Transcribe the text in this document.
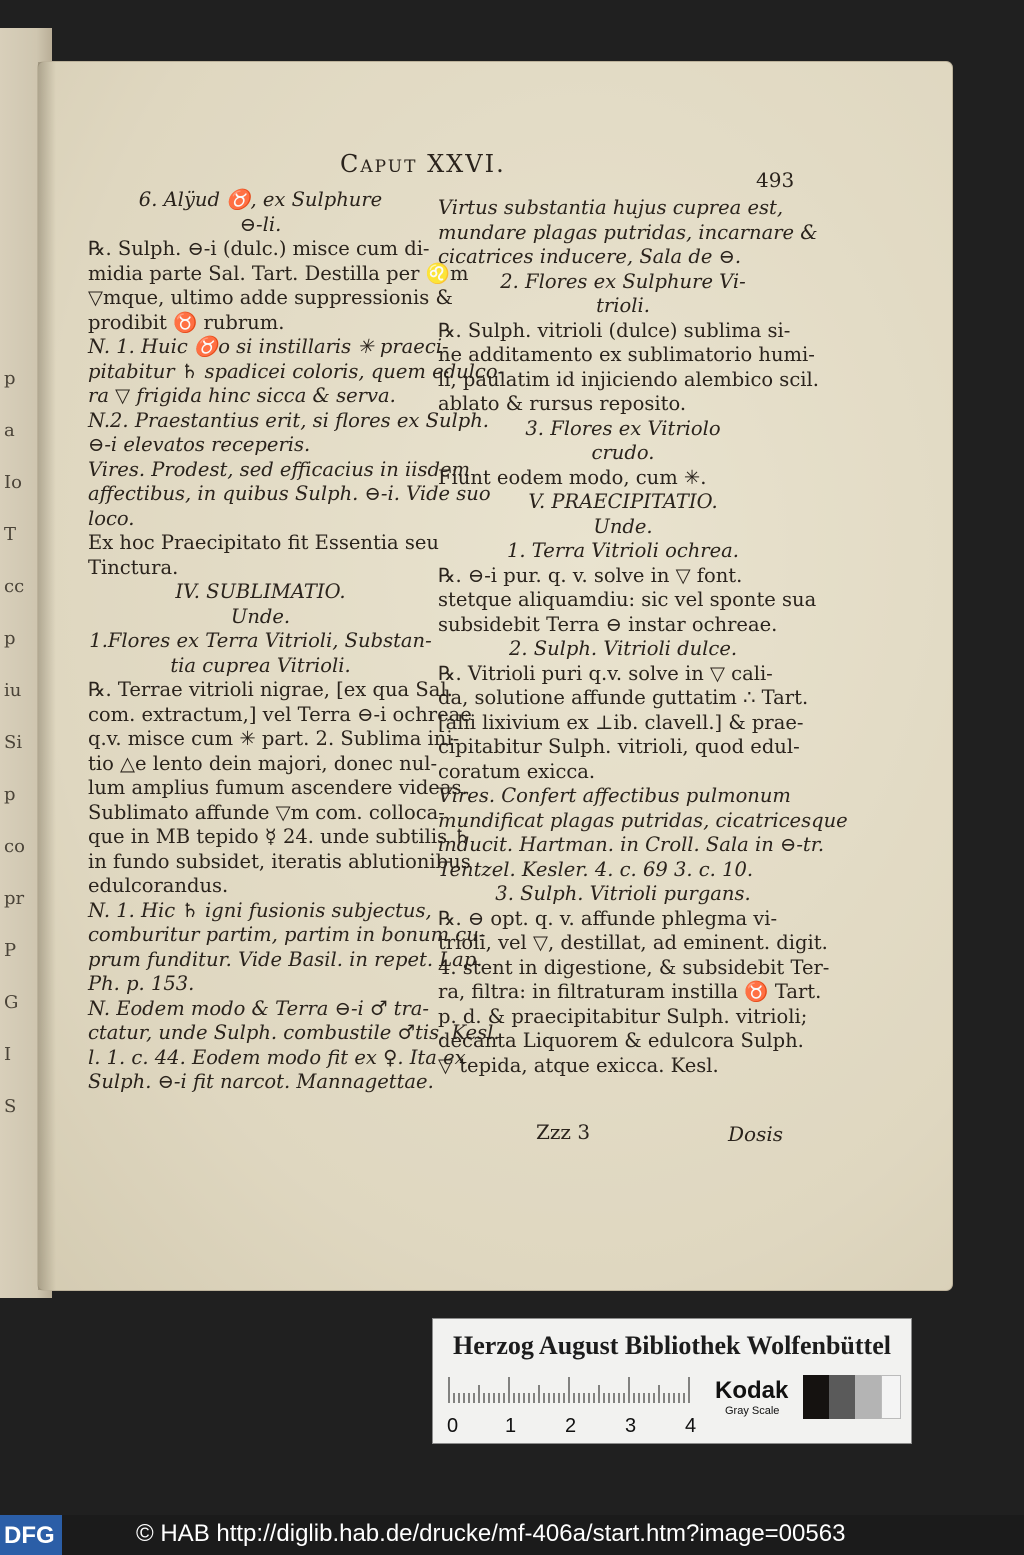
p
a
Io
T
cc
p
iu
Si
p
co
pr
P
G
I
S
Caput XXVI.
493
6. Alÿud ♉, ex Sulphure
⊖-li.
℞. Sulph. ⊖-i (dulc.) misce cum di-
midia parte Sal. Tart. Destilla per ♌m
▽mque, ultimo adde suppressionis &
prodibit ♉ rubrum.
N. 1. Huic ♉o si instillaris ✳ praeci-
pitabitur ♄ spadicei coloris, quem edulco-
ra ▽ frigida hinc sicca & serva.
N.2. Praestantius erit, si flores ex Sulph.
⊖-i elevatos receperis.
Vires. Prodest, sed efficacius in iisdem
affectibus, in quibus Sulph. ⊖-i. Vide suo
loco.
Ex hoc Praecipitato fit Essentia seu
Tinctura.
IV. SUBLIMATIO.
Unde.
1.Flores ex Terra Vitrioli, Substan-
tia cuprea Vitrioli.
℞. Terrae vitrioli nigrae, [ex qua Sal.
com. extractum,] vel Terra ⊖-i ochreae
q.v. misce cum ✳ part. 2. Sublima ini-
tio △e lento dein majori, donec nul-
lum amplius fumum ascendere videas.
Sublimato affunde ▽m com. colloca-
que in MB tepido ☿ 24. unde subtilis ♄
in fundo subsidet, iteratis ablutionibus
edulcorandus.
N. 1. Hic ♄ igni fusionis subjectus,
comburitur partim, partim in bonum cu-
prum funditur. Vide Basil. in repet. Lap.
Ph. p. 153.
N. Eodem modo & Terra ⊖-i ♂ tra-
ctatur, unde Sulph. combustile ♂tis. Kesl.
l. 1. c. 44. Eodem modo fit ex ♀. Ita ex
Sulph. ⊖-i fit narcot. Mannagettae.
Virtus substantia hujus cuprea est,
mundare plagas putridas, incarnare &
cicatrices inducere, Sala de ⊖.
2. Flores ex Sulphure Vi-
trioli.
℞. Sulph. vitrioli (dulce) sublima si-
ne additamento ex sublimatorio humi-
li, paulatim id injiciendo alembico scil.
ablato & rursus reposito.
3. Flores ex Vitriolo
crudo.
Fiunt eodem modo, cum ✳.
V. PRAECIPITATIO.
Unde.
1. Terra Vitrioli ochrea.
℞. ⊖-i pur. q. v. solve in ▽ font.
stetque aliquamdiu: sic vel sponte sua
subsidebit Terra ⊖ instar ochreae.
2. Sulph. Vitrioli dulce.
℞. Vitrioli puri q.v. solve in ▽ cali-
da, solutione affunde guttatim ∴ Tart.
[alii lixivium ex ⊥ib. clavell.] & prae-
cipitabitur Sulph. vitrioli, quod edul-
coratum exicca.
Vires. Confert affectibus pulmonum
mundificat plagas putridas, cicatricesque
inducit. Hartman. in Croll. Sala in ⊖-tr.
Tentzel. Kesler. 4. c. 69 3. c. 10.
3. Sulph. Vitrioli purgans.
℞. ⊖ opt. q. v. affunde phlegma vi-
trioli, vel ▽, destillat, ad eminent. digit.
4. stent in digestione, & subsidebit Ter-
ra, filtra: in filtraturam instilla ♉ Tart.
p. d. & praecipitabitur Sulph. vitrioli;
decanta Liquorem & edulcora Sulph.
▽ tepida, atque exicca. Kesl.
Zzz 3	Dosis
Herzog August Bibliothek Wolfenbüttel
0 1 2 3 4
Kodak
Gray Scale
DFG	© HAB http://diglib.hab.de/drucke/mf-406a/start.htm?image=00563
